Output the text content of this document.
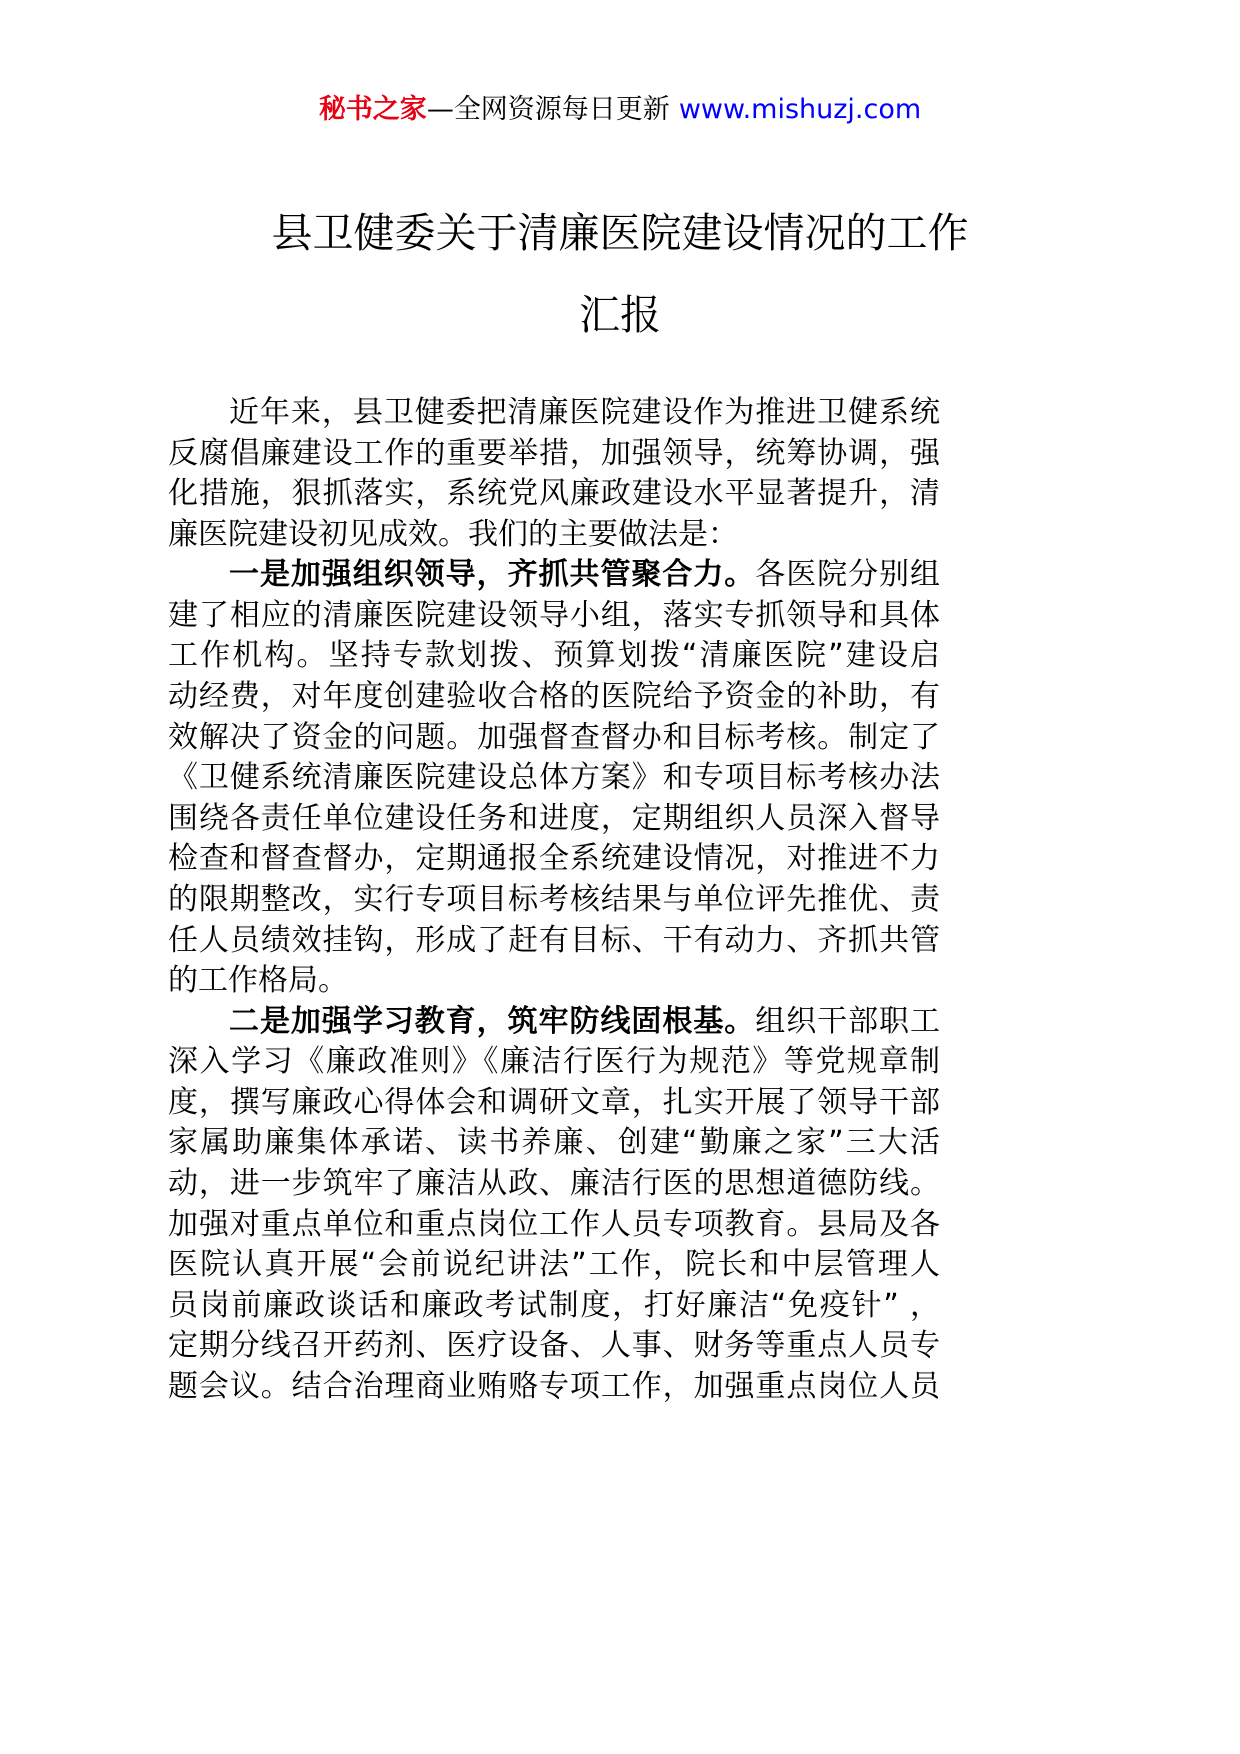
秘书之家—全网资源每日更新 www.mishuzj.com
县卫健委关于清廉医院建设情况的工作
汇报
近年来，县卫健委把清廉医院建设作为推进卫健系统
反腐倡廉建设工作的重要举措，加强领导，统筹协调，强
化措施，狠抓落实，系统党风廉政建设水平显著提升，清
廉医院建设初见成效。我们的主要做法是：
一是加强组织领导，齐抓共管聚合力。各医院分别组
建了相应的清廉医院建设领导小组，落实专抓领导和具体
工作机构。坚持专款划拨、预算划拨“清廉医院”建设启
动经费，对年度创建验收合格的医院给予资金的补助，有
效解决了资金的问题。加强督查督办和目标考核。制定了
《卫健系统清廉医院建设总体方案》和专项目标考核办法
围绕各责任单位建设任务和进度，定期组织人员深入督导
检查和督查督办，定期通报全系统建设情况，对推进不力
的限期整改，实行专项目标考核结果与单位评先推优、责
任人员绩效挂钩，形成了赶有目标、干有动力、齐抓共管
的工作格局。
二是加强学习教育，筑牢防线固根基。组织干部职工
深入学习《廉政准则》《廉洁行医行为规范》等党规章制
度，撰写廉政心得体会和调研文章，扎实开展了领导干部
家属助廉集体承诺、读书养廉、创建“勤廉之家”三大活
动，进一步筑牢了廉洁从政、廉洁行医的思想道德防线。
加强对重点单位和重点岗位工作人员专项教育。县局及各
医院认真开展“会前说纪讲法”工作，院长和中层管理人
员岗前廉政谈话和廉政考试制度，打好廉洁“免疫针” ，
定期分线召开药剂、医疗设备、人事、财务等重点人员专
题会议。结合治理商业贿赂专项工作，加强重点岗位人员
